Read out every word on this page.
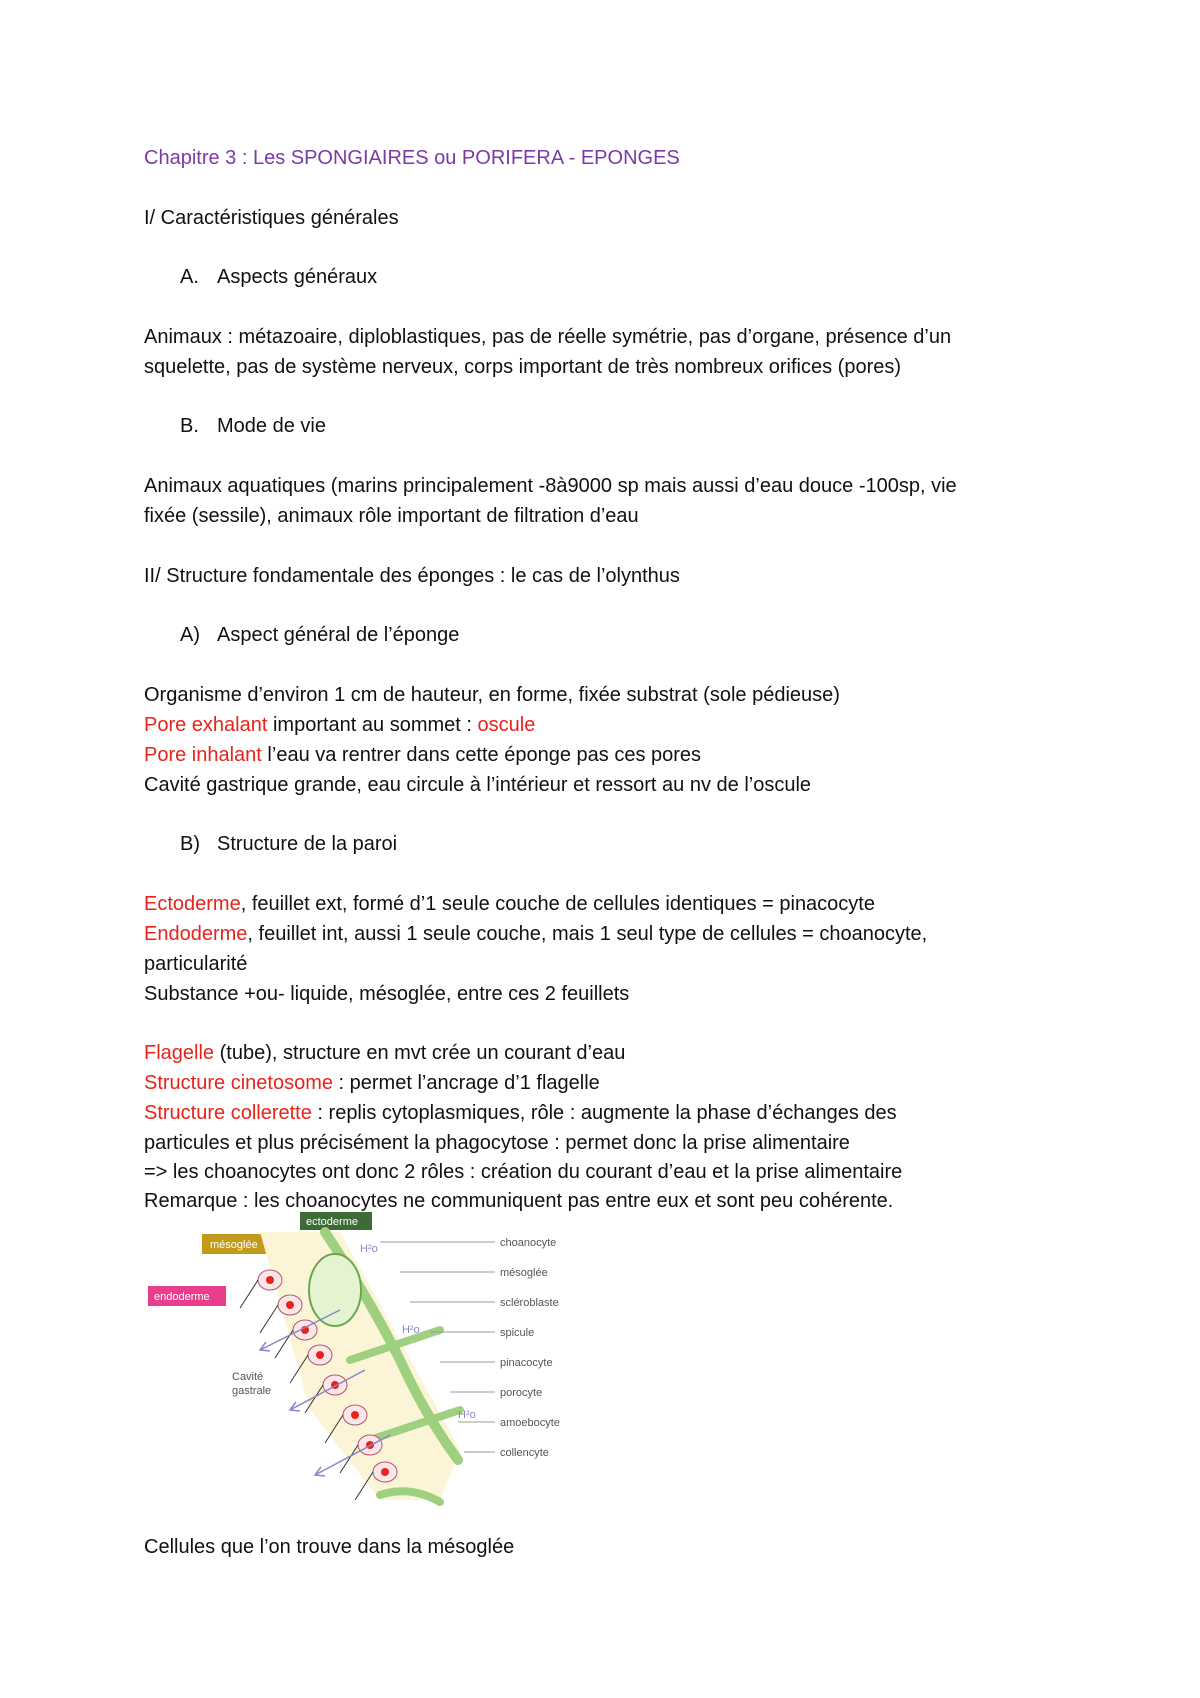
Chapitre 3 : Les SPONGIAIRES ou PORIFERA - EPONGES

I/ Caractéristiques générales

A. Aspects généraux

Animaux : métazoaire, diploblastiques, pas de réelle symétrie, pas d’organe, présence d’un

squelette, pas de système nerveux, corps important de très nombreux orifices (pores)

B. Mode de vie

Animaux aquatiques (marins principalement -8à9000 sp mais aussi d’eau douce -100sp, vie

fixée (sessile), animaux rôle important de filtration d’eau

II/ Structure fondamentale des éponges : le cas de l’olynthus

A) Aspect général de l’éponge

Organisme d’environ 1 cm de hauteur, en forme, fixée substrat (sole pédieuse)

Pore exhalant important au sommet : oscule

Pore inhalant l’eau va rentrer dans cette éponge pas ces pores

Cavité gastrique grande, eau circule à l’intérieur et ressort au nv de l’oscule

B) Structure de la paroi

Ectoderme, feuillet ext, formé d’1 seule couche de cellules identiques = pinacocyte

Endoderme, feuillet int, aussi 1 seule couche, mais 1 seul type de cellules = choanocyte,

particularité

Substance +ou- liquide, mésoglée, entre ces 2 feuillets

Flagelle (tube), structure en mvt crée un courant d’eau

Structure cinetosome : permet l’ancrage d’1 flagelle

Structure collerette : replis cytoplasmiques, rôle : augmente la phase d’échanges des

particules et plus précisément la phagocytose : permet donc la prise alimentaire

=> les choanocytes ont donc 2 rôles : création du courant d’eau et la prise alimentaire

Remarque : les choanocytes ne communiquent pas entre eux et sont peu cohérente.

ectoderme
mésoglée
endoderme
H²o
H²o
H²o
Cavité
gastrale
choanocyte
mésoglée
scléroblaste
spicule
pinacocyte
porocyte
amoebocyte
collencyte

Cellules que l’on trouve dans la mésoglée
